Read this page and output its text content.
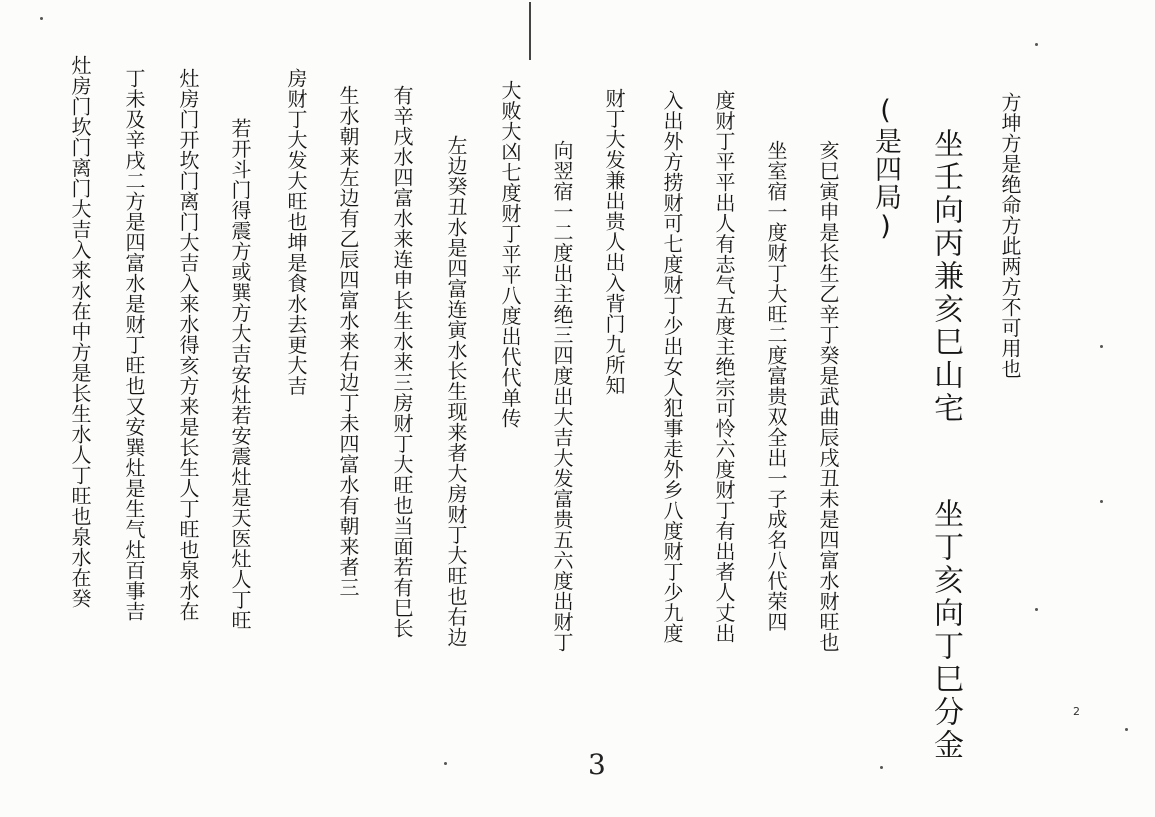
方坤方是绝命方此两方不可用也
坐壬向丙兼亥巳山宅
坐丁亥向丁巳分金
(是四局)
亥巳寅申是长生乙辛丁癸是武曲辰戌丑未是四富水财旺也
坐室宿一度财丁大旺二度富贵双全出一子成名八代荣四
度财丁平平出人有志气五度主绝宗可怜六度财丁有出者人丈出
入出外方捞财可七度财丁少出女人犯事走外乡八度财丁少九度
财丁大发兼出贵人出入背门九所知
向翌宿一二度出主绝三四度出大吉大发富贵五六度出财丁
大败大凶七度财丁平平八度出代代单传
左边癸丑水是四富连寅水长生现来者大房财丁大旺也右边
有辛戌水四富水来连申长生水来三房财丁大旺也当面若有巳长
生水朝来左边有乙辰四富水来右边丁未四富水有朝来者三
房财丁大发大旺也坤是食水去更大吉
若开斗门得震方或巽方大吉安灶若安震灶是天医灶人丁旺
灶房门开坎门离门大吉入来水得亥方来是长生人丁旺也泉水在
丁未及辛戌二方是四富水是财丁旺也又安巽灶是生气灶百事吉
灶房门坎门离门大吉入来水在中方是长生水人丁旺也泉水在癸
3
2
